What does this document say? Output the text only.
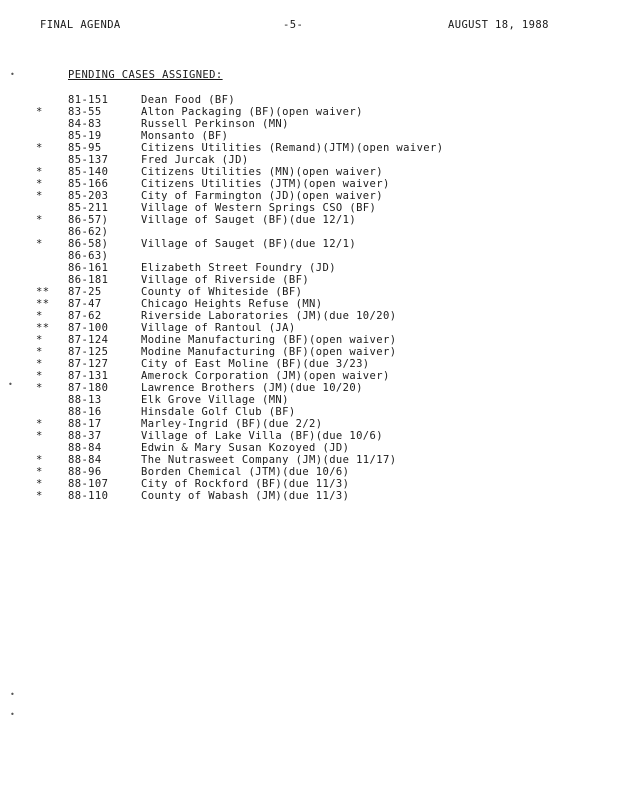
FINAL AGENDA	-5-	AUGUST 18, 1988
PENDING CASES ASSIGNED:
81-151	Dean Food (BF)
*	83-55	Alton Packaging (BF)(open waiver)
84-83	Russell Perkinson (MN)
85-19	Monsanto (BF)
*	85-95	Citizens Utilities (Remand)(JTM)(open waiver)
85-137	Fred Jurcak (JD)
*	85-140	Citizens Utilities (MN)(open waiver)
*	85-166	Citizens Utilities (JTM)(open waiver)
*	85-203	City of Farmington (JD)(open waiver)
85-211	Village of Western Springs CSO (BF)
*	86-57)	Village of Sauget (BF)(due 12/1)
86-62)
*	86-58)	Village of Sauget (BF)(due 12/1)
86-63)
86-161	Elizabeth Street Foundry (JD)
86-181	Village of Riverside (BF)
**	87-25	County of Whiteside (BF)
**	87-47	Chicago Heights Refuse (MN)
*	87-62	Riverside Laboratories (JM)(due 10/20)
**	87-100	Village of Rantoul (JA)
*	87-124	Modine Manufacturing (BF)(open waiver)
*	87-125	Modine Manufacturing (BF)(open waiver)
*	87-127	City of East Moline (BF)(due 3/23)
*	87-131	Amerock Corporation (JM)(open waiver)
*	87-180	Lawrence Brothers (JM)(due 10/20)
88-13	Elk Grove Village (MN)
88-16	Hinsdale Golf Club (BF)
*	88-17	Marley-Ingrid (BF)(due 2/2)
*	88-37	Village of Lake Villa (BF)(due 10/6)
88-84	Edwin & Mary Susan Kozoyed (JD)
*	88-84	The Nutrasweet Company (JM)(due 11/17)
*	88-96	Borden Chemical (JTM)(due 10/6)
*	88-107	City of Rockford (BF)(due 11/3)
*	88-110	County of Wabash (JM)(due 11/3)
•
•
•
•
